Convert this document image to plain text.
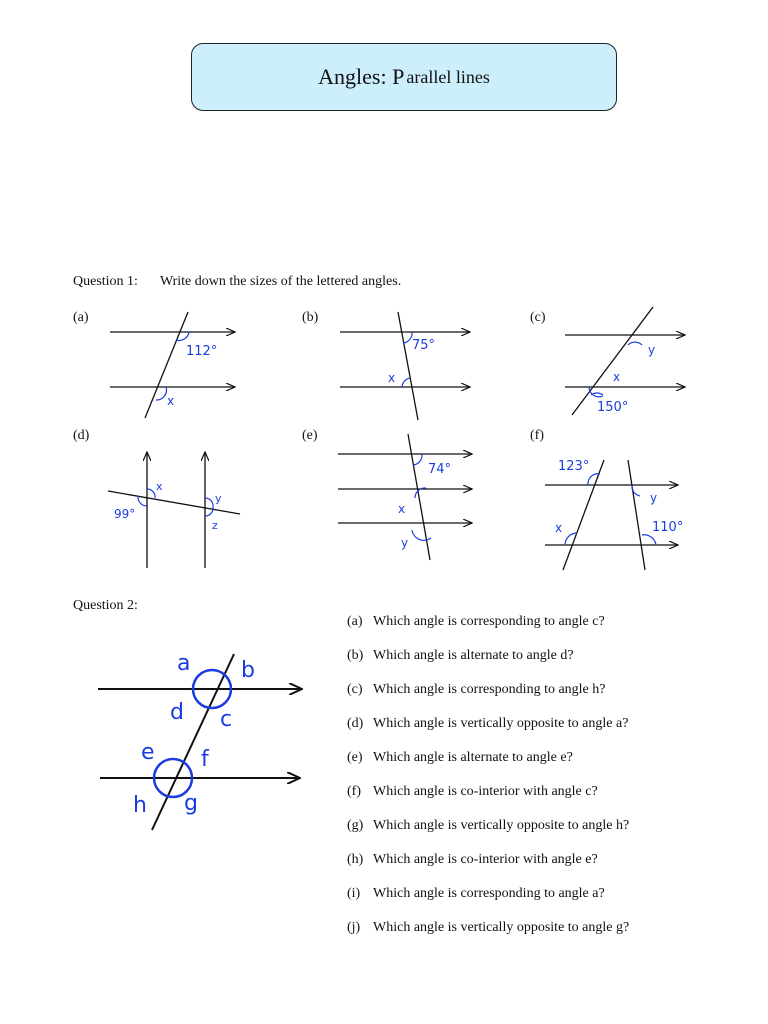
Angles: P arallel lines
Question 1: Write down the sizes of the lettered angles.
(a)	(b)	(c)
(d)	(e)	(f)
112°
x
75°
x
y
x
150°
x
99°
y
z
74°
x
y
123°
y
x	110°
Question 2:
a b
d c
e f
h g
(a) Which angle is corresponding to angle c?
(b) Which angle is alternate to angle d?
(c) Which angle is corresponding to angle h?
(d) Which angle is vertically opposite to angle a?
(e) Which angle is alternate to angle e?
(f) Which angle is co-interior with angle c?
(g) Which angle is vertically opposite to angle h?
(h) Which angle is co-interior with angle e?
(i) Which angle is corresponding to angle a?
(j) Which angle is vertically opposite to angle g?
